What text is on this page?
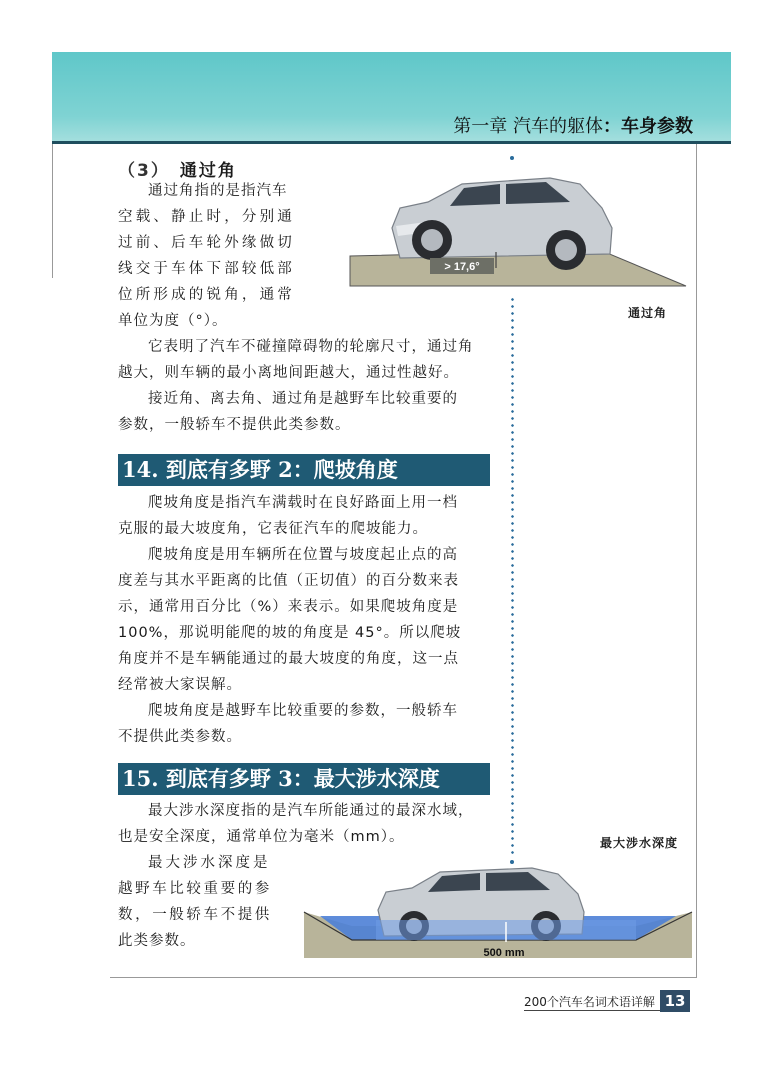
第一章 汽车的躯体：车身参数
（3） 通过角
通过角指的是指汽车
空载、静止时，分别通
过前、后车轮外缘做切
线交于车体下部较低部
位所形成的锐角，通常
单位为度（°）。
它表明了汽车不碰撞障碍物的轮廓尺寸，通过角
越大，则车辆的最小离地间距越大，通过性越好。
接近角、离去角、通过角是越野车比较重要的
参数，一般轿车不提供此类参数。
> 17,6°
通过角
14. 到底有多野 2：爬坡角度
爬坡角度是指汽车满载时在良好路面上用一档
克服的最大坡度角，它表征汽车的爬坡能力。
爬坡角度是用车辆所在位置与坡度起止点的高
度差与其水平距离的比值（正切值）的百分数来表
示，通常用百分比（%）来表示。如果爬坡角度是
100%，那说明能爬的坡的角度是 45°。所以爬坡
角度并不是车辆能通过的最大坡度的角度，这一点
经常被大家误解。
爬坡角度是越野车比较重要的参数，一般轿车
不提供此类参数。
15. 到底有多野 3：最大涉水深度
最大涉水深度指的是汽车所能通过的最深水域，
也是安全深度，通常单位为毫米（mm）。
最大涉水深度是
越野车比较重要的参
数，一般轿车不提供
此类参数。
最大涉水深度
500 mm
200个汽车名词术语详解 13
